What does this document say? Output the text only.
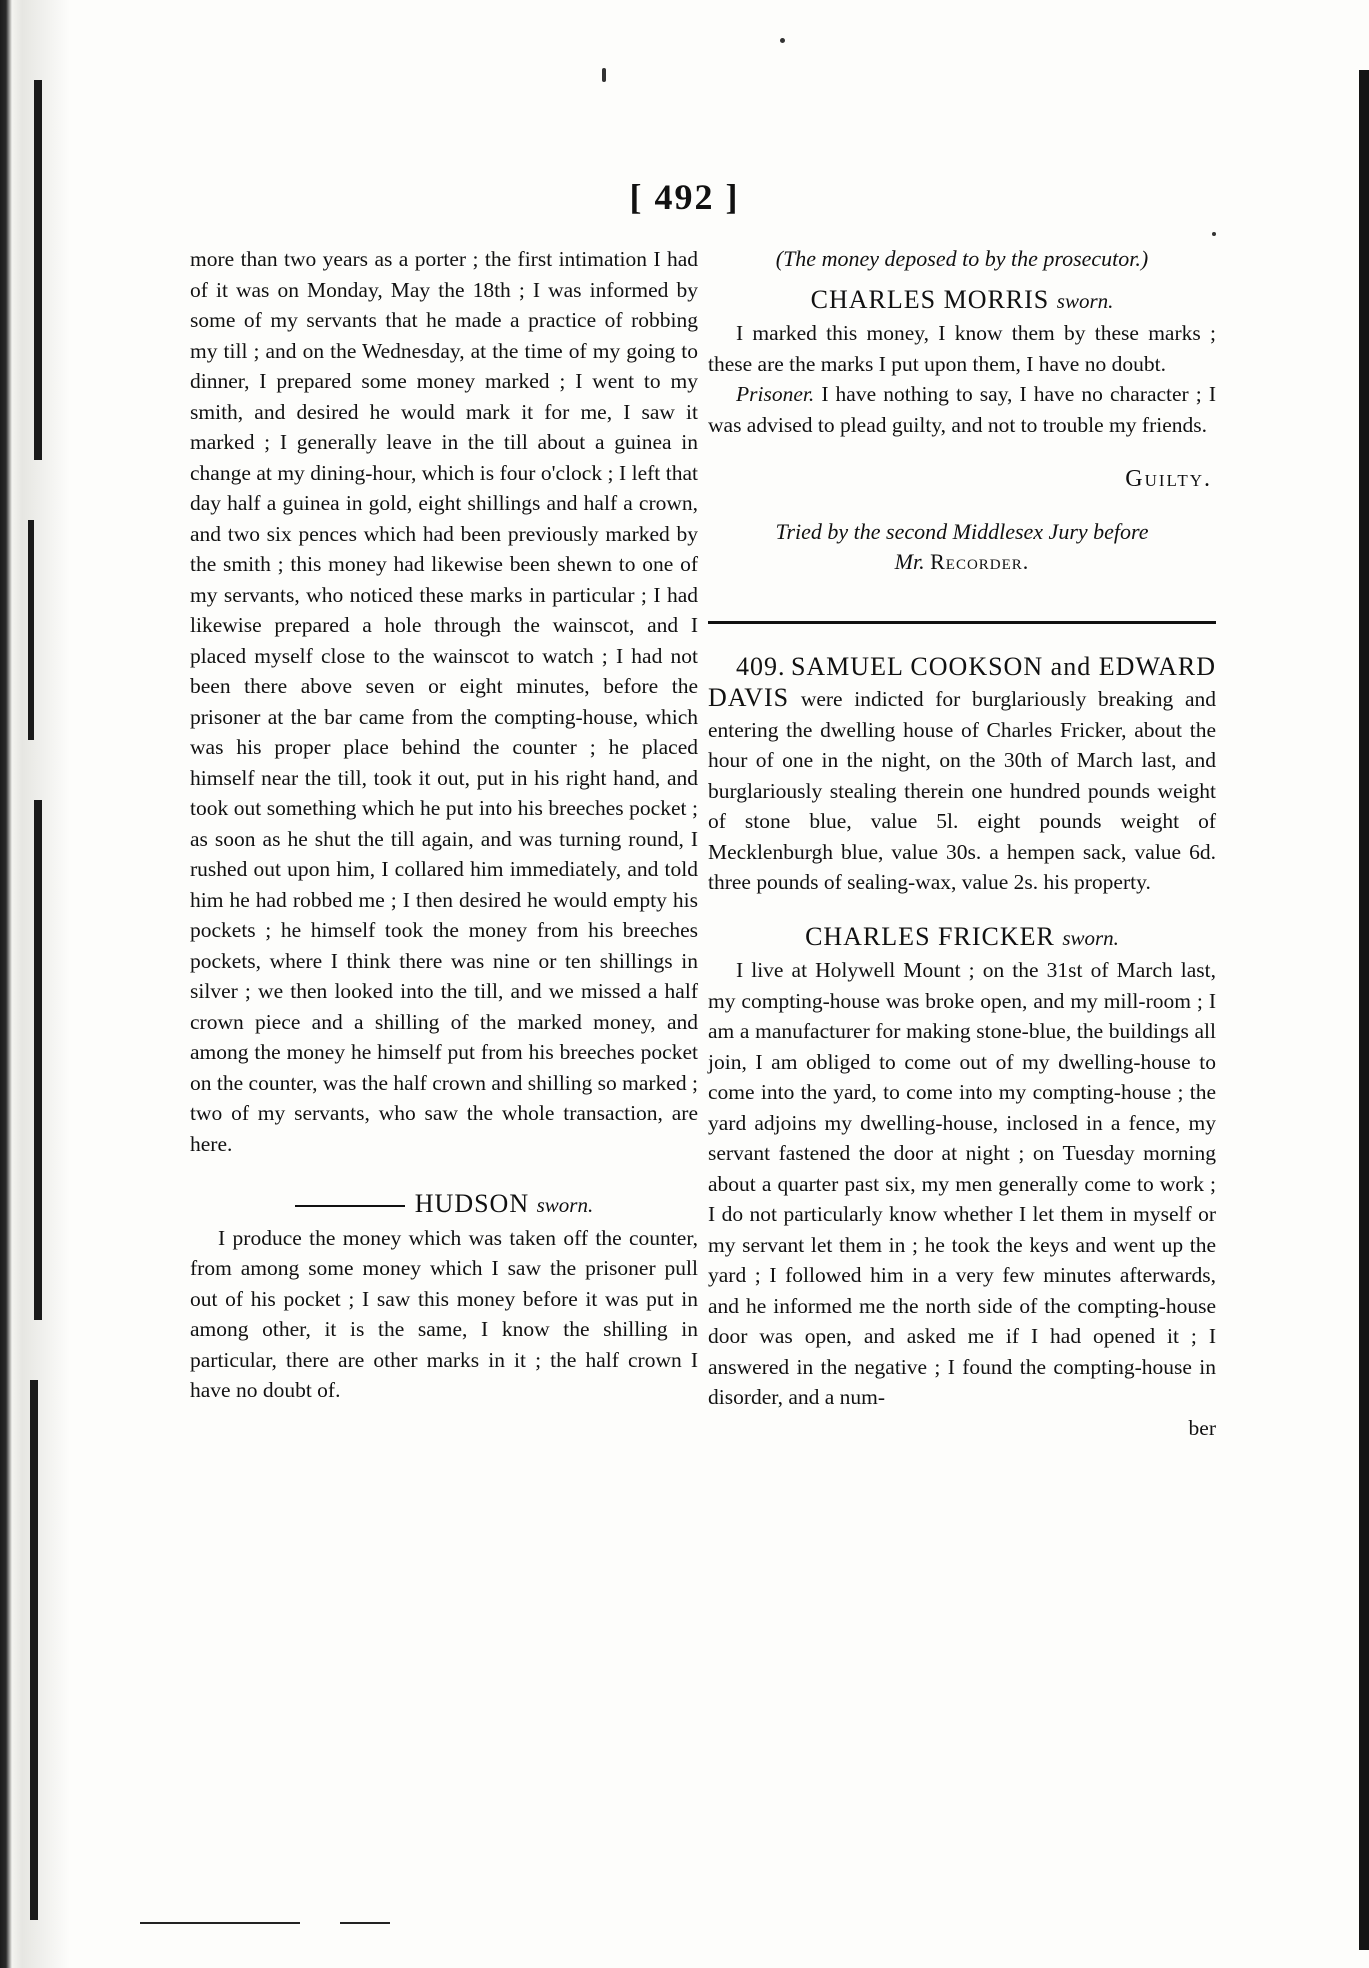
[ 492 ]

more than two years as a porter ; the first intimation I had of it was on Monday, May the 18th ; I was informed by some of my servants that he made a practice of robbing my till ; and on the Wednesday, at the time of my going to dinner, I prepared some money marked ; I went to my smith, and desired he would mark it for me, I saw it marked ; I generally leave in the till about a guinea in change at my dining-hour, which is four o'clock ; I left that day half a guinea in gold, eight shillings and half a crown, and two six pences which had been previously marked by the smith ; this money had likewise been shewn to one of my servants, who noticed these marks in particular ; I had likewise prepared a hole through the wainscot, and I placed myself close to the wainscot to watch ; I had not been there above seven or eight minutes, before the prisoner at the bar came from the compting-house, which was his proper place behind the counter ; he placed himself near the till, took it out, put in his right hand, and took out something which he put into his breeches pocket ; as soon as he shut the till again, and was turning round, I rushed out upon him, I collared him immediately, and told him he had robbed me ; I then desired he would empty his pockets ; he himself took the money from his breeches pockets, where I think there was nine or ten shillings in silver ; we then looked into the till, and we missed a half crown piece and a shilling of the marked money, and among the money he himself put from his breeches pocket on the counter, was the half crown and shilling so marked ; two of my servants, who saw the whole transaction, are here.

HUDSON sworn.

I produce the money which was taken off the counter, from among some money which I saw the prisoner pull out of his pocket ; I saw this money before it was put in among other, it is the same, I know the shilling in particular, there are other marks in it ; the half crown I have no doubt of.

(The money deposed to by the prosecutor.)

CHARLES MORRIS sworn.

I marked this money, I know them by these marks ; these are the marks I put upon them, I have no doubt.

Prisoner. I have nothing to say, I have no character ; I was advised to plead guilty, and not to trouble my friends.

Guilty.

Tried by the second Middlesex Jury before
Mr. Recorder.

409. SAMUEL COOKSON and EDWARD DAVIS were indicted for burglariously breaking and entering the dwelling house of Charles Fricker, about the hour of one in the night, on the 30th of March last, and burglariously stealing therein one hundred pounds weight of stone blue, value 5l. eight pounds weight of Mecklenburgh blue, value 30s. a hempen sack, value 6d. three pounds of sealing-wax, value 2s. his property.

CHARLES FRICKER sworn.

I live at Holywell Mount ; on the 31st of March last, my compting-house was broke open, and my mill-room ; I am a manufacturer for making stone-blue, the buildings all join, I am obliged to come out of my dwelling-house to come into the yard, to come into my compting-house ; the yard adjoins my dwelling-house, inclosed in a fence, my servant fastened the door at night ; on Tuesday morning about a quarter past six, my men generally come to work ; I do not particularly know whether I let them in myself or my servant let them in ; he took the keys and went up the yard ; I followed him in a very few minutes afterwards, and he informed me the north side of the compting-house door was open, and asked me if I had opened it ; I answered in the negative ; I found the compting-house in disorder, and a num-

ber
